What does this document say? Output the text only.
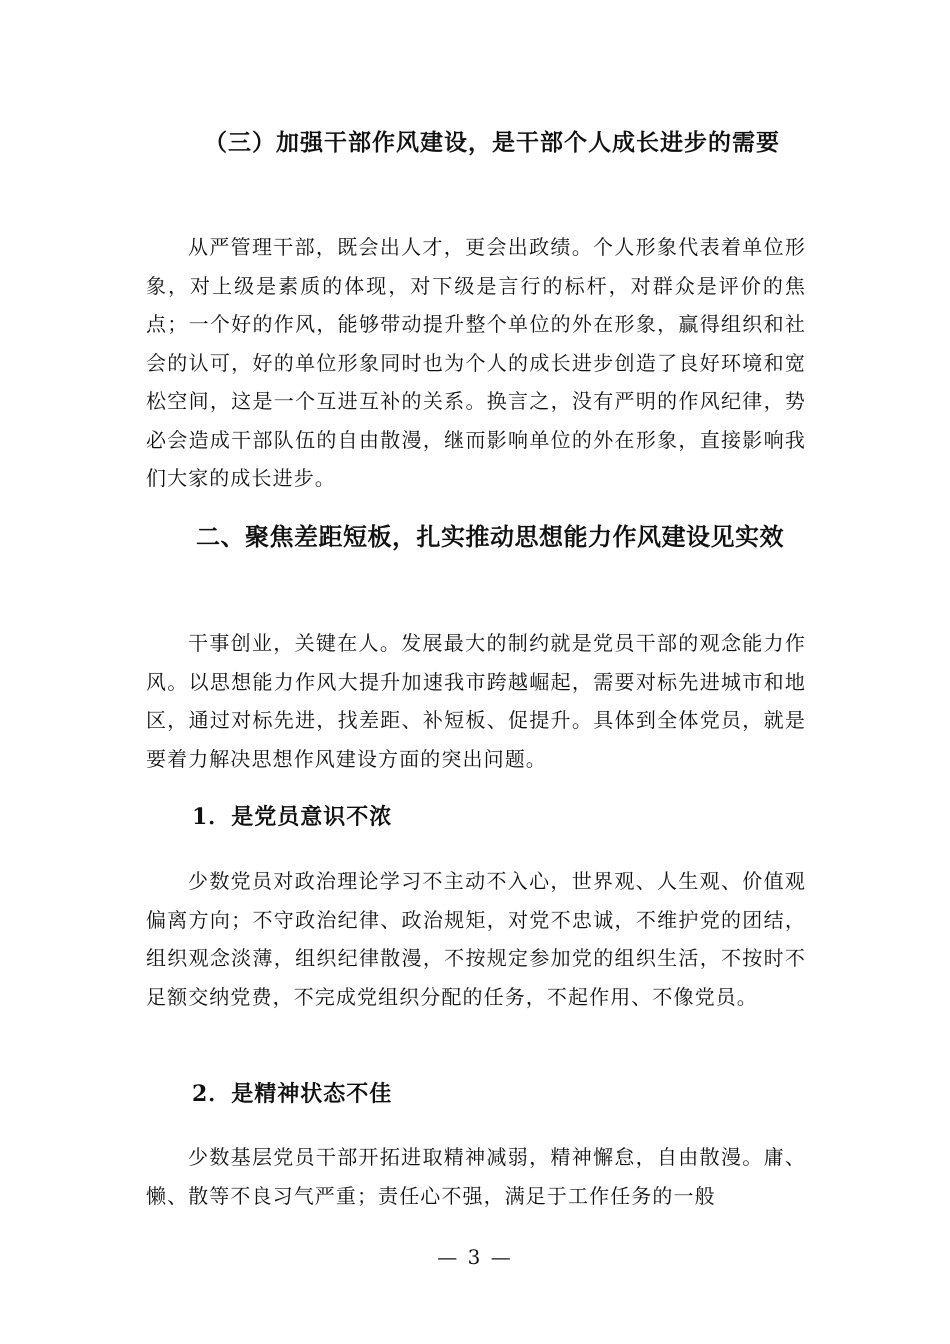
（三）加强干部作风建设，是干部个人成长进步的需要
从严管理干部，既会出人才，更会出政绩。个人形象代表着单位形象，对上级是素质的体现，对下级是言行的标杆，对群众是评价的焦点；一个好的作风，能够带动提升整个单位的外在形象，赢得组织和社会的认可，好的单位形象同时也为个人的成长进步创造了良好环境和宽松空间，这是一个互进互补的关系。换言之，没有严明的作风纪律，势必会造成干部队伍的自由散漫，继而影响单位的外在形象，直接影响我们大家的成长进步。
二、聚焦差距短板，扎实推动思想能力作风建设见实效
干事创业，关键在人。发展最大的制约就是党员干部的观念能力作风。以思想能力作风大提升加速我市跨越崛起，需要对标先进城市和地区，通过对标先进，找差距、补短板、促提升。具体到全体党员，就是要着力解决思想作风建设方面的突出问题。
1．是党员意识不浓
少数党员对政治理论学习不主动不入心，世界观、人生观、价值观偏离方向；不守政治纪律、政治规矩，对党不忠诚，不维护党的团结，组织观念淡薄，组织纪律散漫，不按规定参加党的组织生活，不按时不足额交纳党费，不完成党组织分配的任务，不起作用、不像党员。
2．是精神状态不佳
少数基层党员干部开拓进取精神减弱，精神懈怠，自由散漫。庸、懒、散等不良习气严重；责任心不强，满足于工作任务的一般
— 3 —
